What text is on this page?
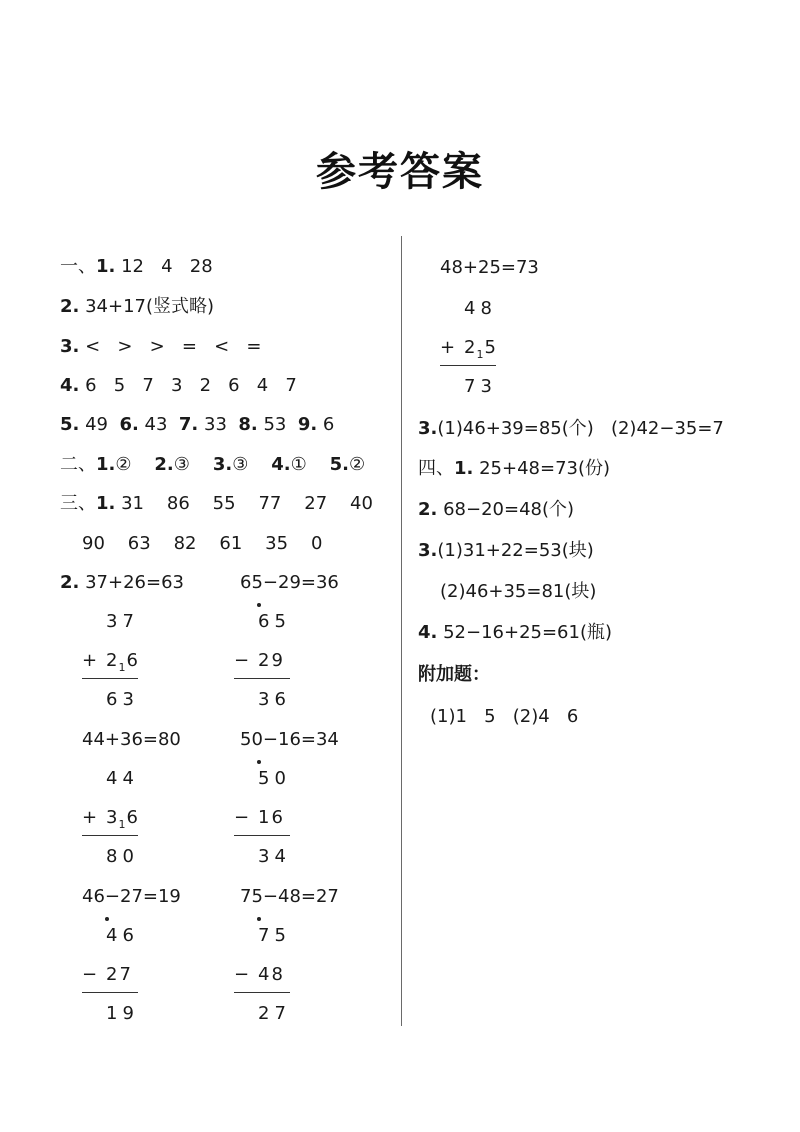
参考答案
一、1. 12   4   28
2. 34+17(竖式略)
3. <   >   >   =   <   =
4. 6   5   7   3   2   6   4   7
5. 49  6. 43  7. 33  8. 53  9. 6
二、1.② 2.③ 3.③ 4.① 5.②
三、1. 31    86    55    77    27    40
90    63    82    61    35    0
2. 37+26=63	65−29=36
37
+ $2_16$
63
65
− 2 9
36
44+36=80	50−16=34
44
+ $3_16$
80
50
− 1 6
34
46−27=19	75−48=27
46
− 2 7
19
75
− 4 8
27
48+25=73
48
+ $2_15$
73
3.(1)46+39=85(个)   (2)42−35=7
四、1. 25+48=73(份)
2. 68−20=48(个)
3.(1)31+22=53(块)
(2)46+35=81(块)
4. 52−16+25=61(瓶)
附加题：
(1)1   5   (2)4   6
